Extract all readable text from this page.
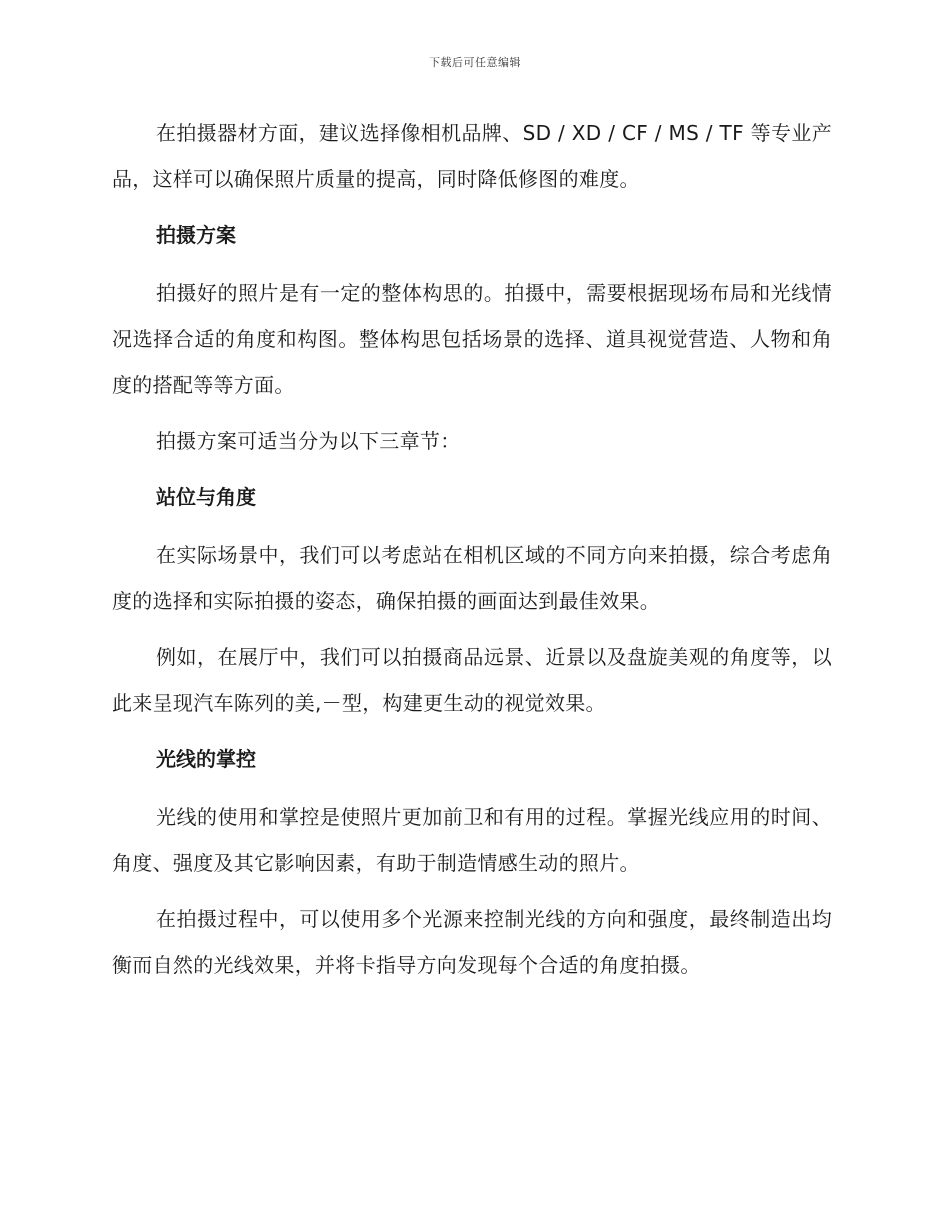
下载后可任意编辑

在拍摄器材方面，建议选择像相机品牌、SD / XD / CF / MS / TF 等专业产品，这样可以确保照片质量的提高，同时降低修图的难度。

拍摄方案

拍摄好的照片是有一定的整体构思的。拍摄中，需要根据现场布局和光线情况选择合适的角度和构图。整体构思包括场景的选择、道具视觉营造、人物和角度的搭配等等方面。

拍摄方案可适当分为以下三章节：

站位与角度

在实际场景中，我们可以考虑站在相机区域的不同方向来拍摄，综合考虑角度的选择和实际拍摄的姿态，确保拍摄的画面达到最佳效果。

例如，在展厅中，我们可以拍摄商品远景、近景以及盘旋美观的角度等，以此来呈现汽车陈列的美,－型，构建更生动的视觉效果。

光线的掌控

光线的使用和掌控是使照片更加前卫和有用的过程。掌握光线应用的时间、角度、强度及其它影响因素，有助于制造情感生动的照片。

在拍摄过程中，可以使用多个光源来控制光线的方向和强度，最终制造出均衡而自然的光线效果，并将卡指导方向发现每个合适的角度拍摄。
